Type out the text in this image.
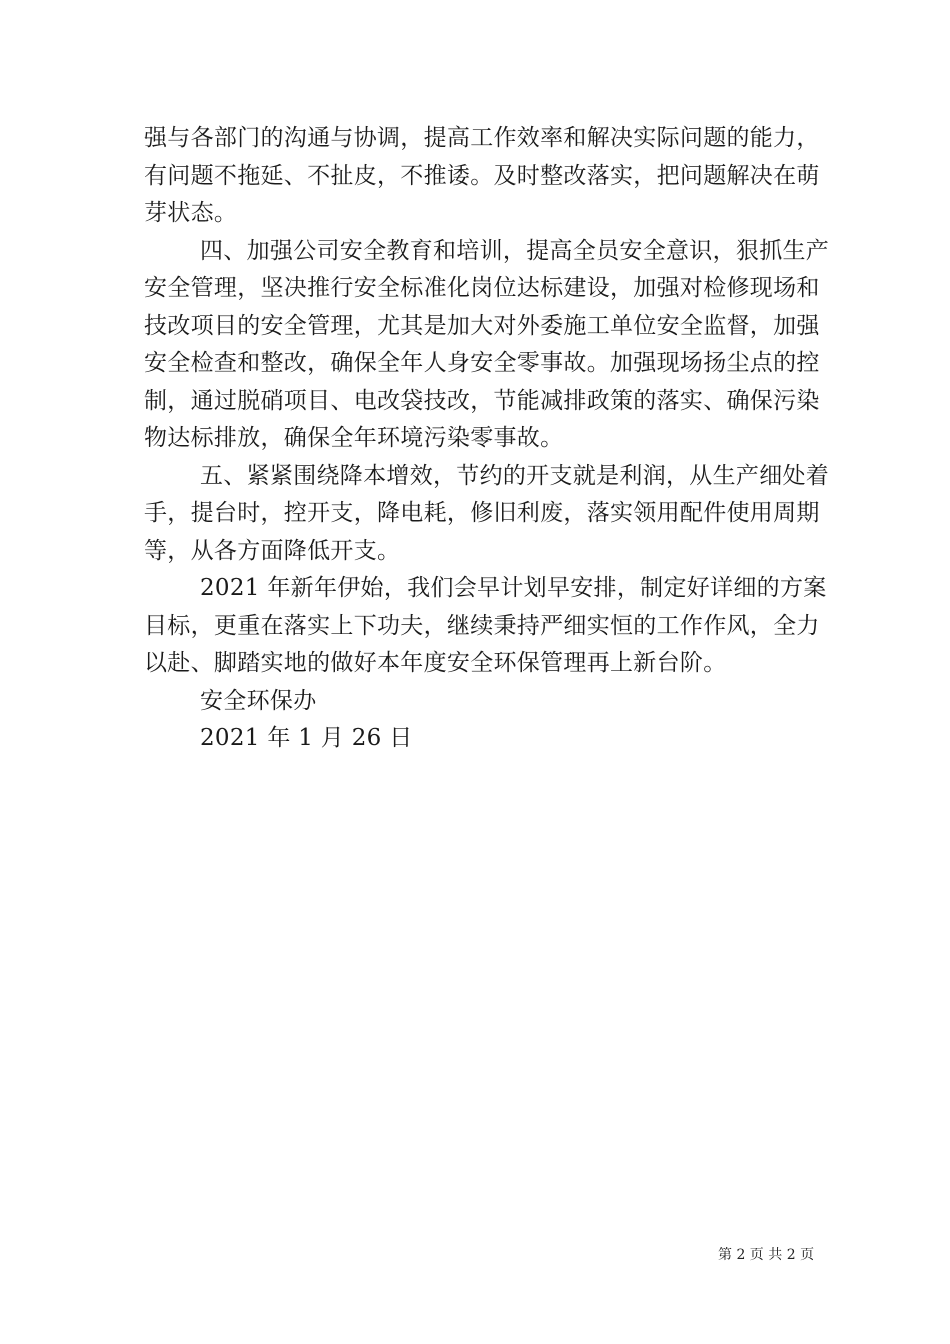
强与各部门的沟通与协调，提高工作效率和解决实际问题的能力，
有问题不拖延、不扯皮，不推诿。及时整改落实，把问题解决在萌
芽状态。
四、加强公司安全教育和培训，提高全员安全意识，狠抓生产
安全管理，坚决推行安全标准化岗位达标建设，加强对检修现场和
技改项目的安全管理，尤其是加大对外委施工单位安全监督，加强
安全检查和整改，确保全年人身安全零事故。加强现场扬尘点的控
制，通过脱硝项目、电改袋技改，节能减排政策的落实、确保污染
物达标排放，确保全年环境污染零事故。
五、紧紧围绕降本增效，节约的开支就是利润，从生产细处着
手，提台时，控开支，降电耗，修旧利废，落实领用配件使用周期
等，从各方面降低开支。
2021 年新年伊始，我们会早计划早安排，制定好详细的方案
目标，更重在落实上下功夫，继续秉持严细实恒的工作作风，全力
以赴、脚踏实地的做好本年度安全环保管理再上新台阶。
安全环保办
2021 年 1 月 26 日
第 2 页 共 2 页
